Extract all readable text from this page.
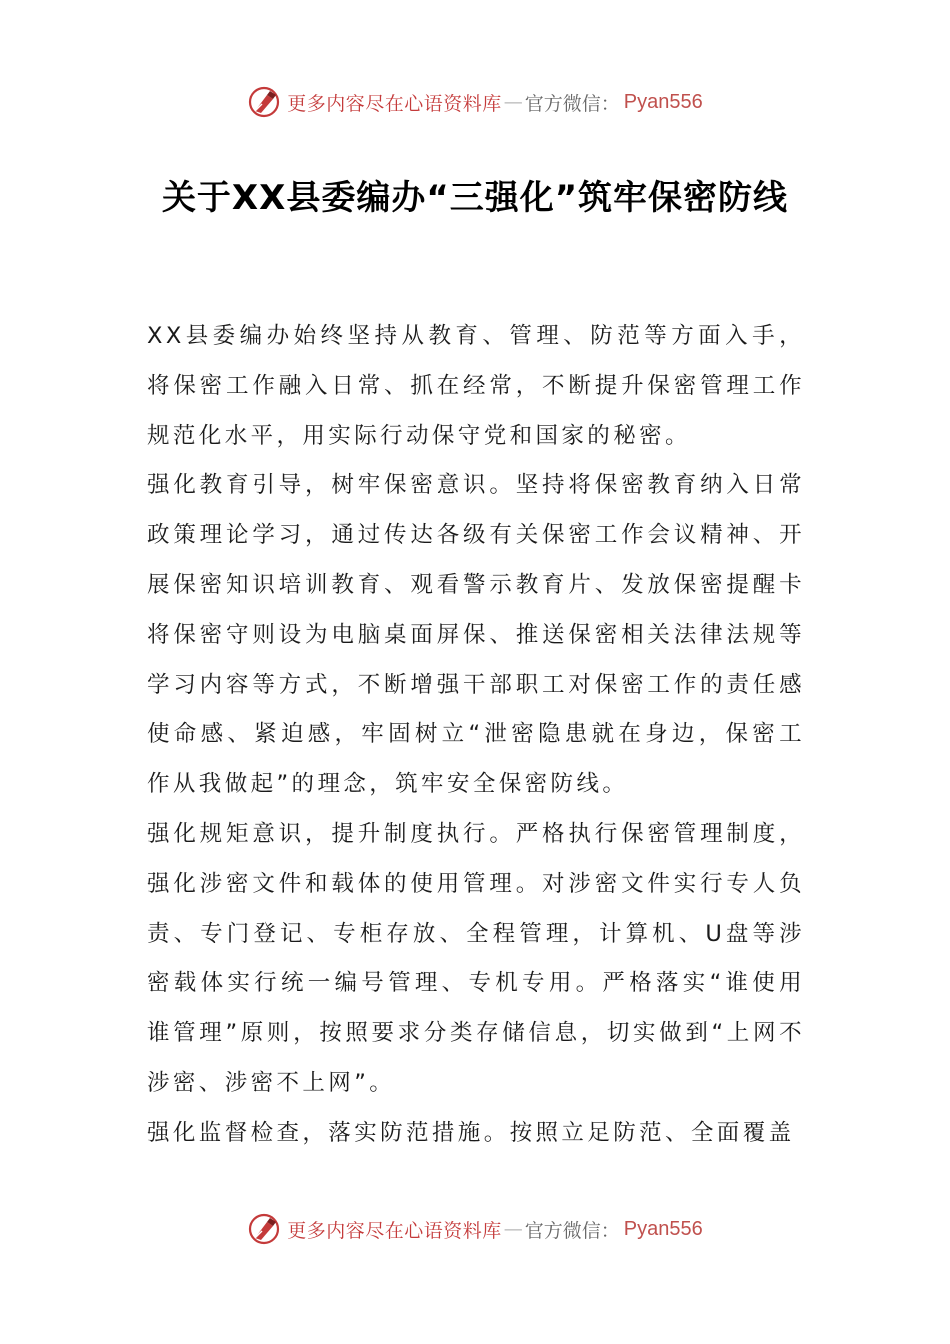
更多内容尽在心语资料库 — 官方微信： Pyan556
关于XX县委编办“三强化”筑牢保密防线

XX县委编办始终坚持从教育、管理、防范等方面入手，将保密工作融入日常、抓在经常，不断提升保密管理工作规范化水平，用实际行动保守党和国家的秘密。

强化教育引导，树牢保密意识。坚持将保密教育纳入日常政策理论学习，通过传达各级有关保密工作会议精神、开展保密知识培训教育、观看警示教育片、发放保密提醒卡将保密守则设为电脑桌面屏保、推送保密相关法律法规等学习内容等方式，不断增强干部职工对保密工作的责任感使命感、紧迫感，牢固树立“泄密隐患就在身边，保密工作从我做起”的理念，筑牢安全保密防线。

强化规矩意识，提升制度执行。严格执行保密管理制度，强化涉密文件和载体的使用管理。对涉密文件实行专人负责、专门登记、专柜存放、全程管理，计算机、U盘等涉密载体实行统一编号管理、专机专用。严格落实“谁使用谁管理”原则，按照要求分类存储信息，切实做到“上网不涉密、涉密不上网”。

强化监督检查，落实防范措施。按照立足防范、全面覆盖

更多内容尽在心语资料库 — 官方微信： Pyan556
